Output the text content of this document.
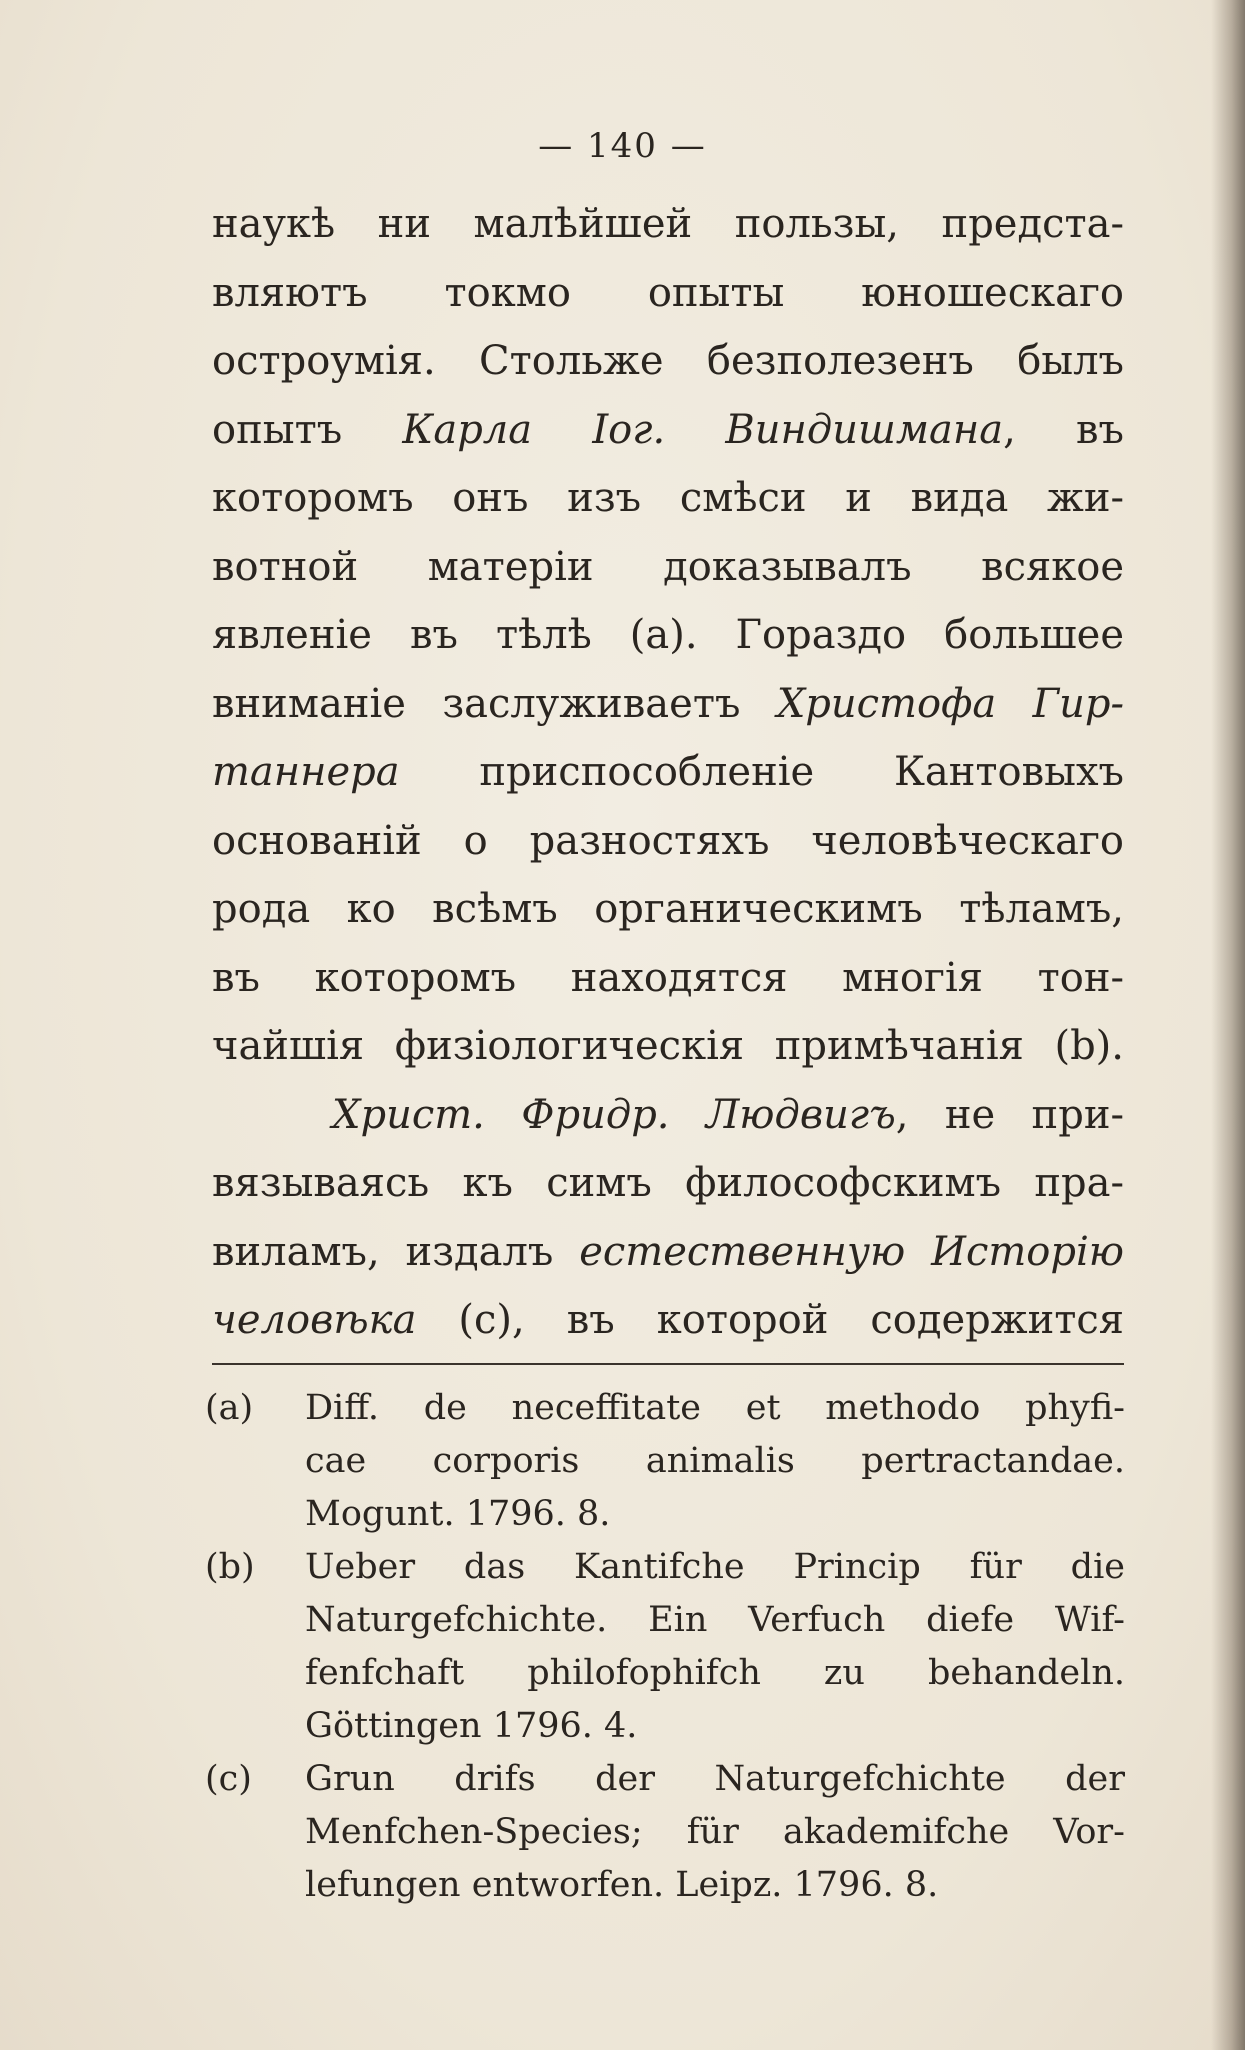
— 140 —
наукѣ ни малѣйшей пользы, предста-
вляютъ токмо опыты юношескаго
остроумія. Стольже безполезенъ былъ
опытъ Карла Іог. Виндишмана, въ
которомъ онъ изъ смѣси и вида жи-
вотной матеріи доказывалъ всякое
явленіе въ тѣлѣ (а). Гораздо большее
вниманіе заслуживаетъ Христофа Гир-
таннера приспособленіе Кантовыхъ
основаній о разностяхъ человѣческаго
рода ко всѣмъ органическимъ тѣламъ,
въ которомъ находятся многія тон-
чайшія физіологическія примѣчанія (b).
Христ. Фридр. Людвигъ, не при-
вязываясь къ симъ философскимъ пра-
виламъ, издалъ естественную Исторію
человѣка (с), въ которой содержится
(a)	Diff. de neceffitate et methodo phyfi-
cae corporis animalis pertractandae.
Mogunt. 1796. 8.
(b)	Ueber das Kantifche Princip für die
Naturgefchichte. Ein Verfuch diefe Wif-
fenfchaft philofophifch zu behandeln.
Göttingen 1796. 4.
(c)	Grun drifs der Naturgefchichte der
Menfchen-Species; für akademifche Vor-
lefungen entworfen. Leipz. 1796. 8.
